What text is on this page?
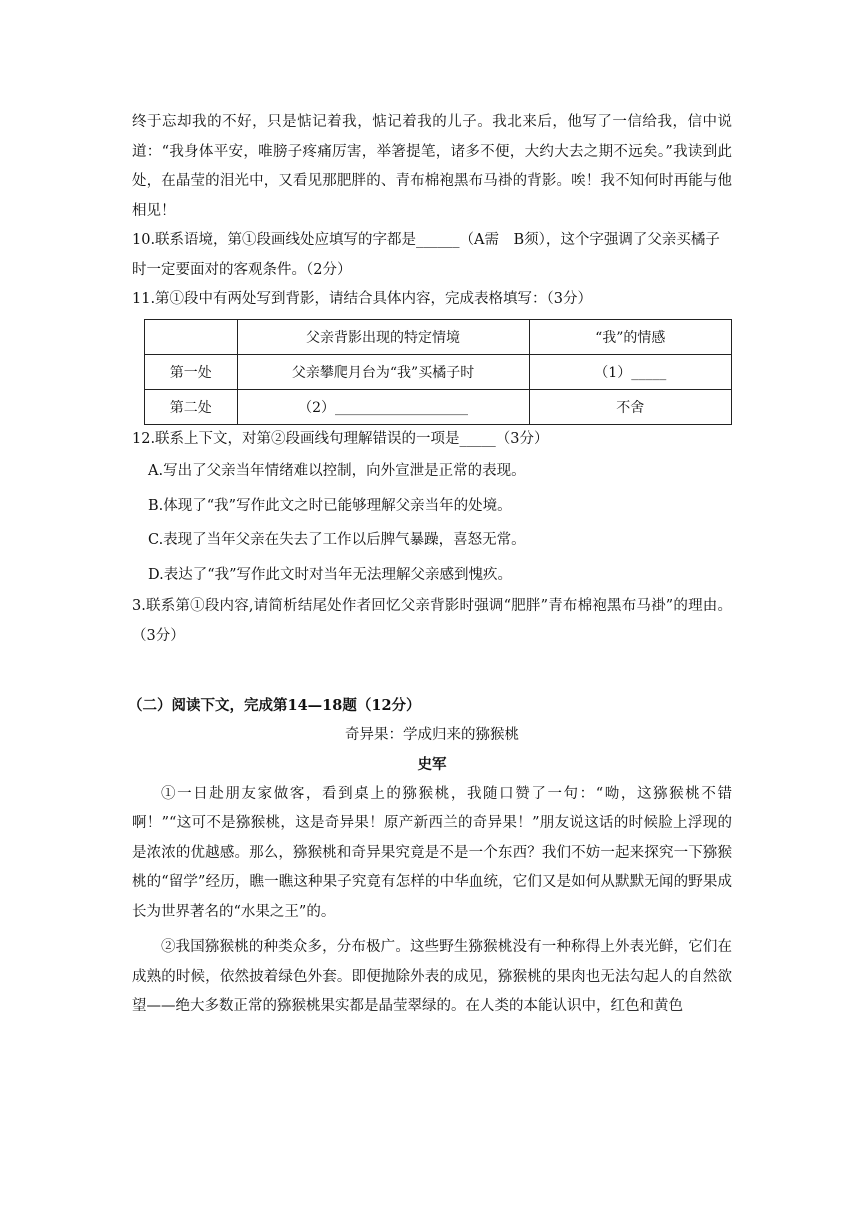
终于忘却我的不好，只是惦记着我，惦记着我的儿子。我北来后，他写了一信给我，信中说道：“我身体平安，唯膀子疼痛厉害，举箸提笔，诸多不便，大约大去之期不远矣。”我读到此处，在晶莹的泪光中，又看见那肥胖的、青布棉袍黑布马褂的背影。唉！我不知何时再能与他相见！

10.联系语境，第①段画线处应填写的字都是______（A需　B须），这个字强调了父亲买橘子时一定要面对的客观条件。（2分）

11.第①段中有两处写到背影，请结合具体内容，完成表格填写：（3分）

	父亲背影出现的特定情境	“我”的情感
第一处	父亲攀爬月台为“我”买橘子时	（1）_____
第二处	（2）___________________	不舍

12.联系上下文，对第②段画线句理解错误的一项是_____（3分）

A.写出了父亲当年情绪难以控制，向外宣泄是正常的表现。

B.体现了“我”写作此文之时已能够理解父亲当年的处境。

C.表现了当年父亲在失去了工作以后脾气暴躁，喜怒无常。

D.表达了“我”写作此文时对当年无法理解父亲感到愧疚。

3.联系第①段内容,请简析结尾处作者回忆父亲背影时强调“肥胖”青布棉袍黑布马褂”的理由。（3分）

（二）阅读下文，完成第14—18题（12分）

奇异果：学成归来的猕猴桃

史军

①一日赴朋友家做客，看到桌上的猕猴桃，我随口赞了一句：“呦，这猕猴桃不错啊！”“这可不是猕猴桃，这是奇异果！原产新西兰的奇异果！”朋友说这话的时候脸上浮现的是浓浓的优越感。那么，猕猴桃和奇异果究竟是不是一个东西？我们不妨一起来探究一下猕猴桃的“留学”经历，瞧一瞧这种果子究竟有怎样的中华血统，它们又是如何从默默无闻的野果成长为世界著名的“水果之王”的。

②我国猕猴桃的种类众多，分布极广。这些野生猕猴桃没有一种称得上外表光鲜，它们在成熟的时候，依然披着绿色外套。即便抛除外表的成见，猕猴桃的果肉也无法勾起人的自然欲望——绝大多数正常的猕猴桃果实都是晶莹翠绿的。在人类的本能认识中，红色和黄色
